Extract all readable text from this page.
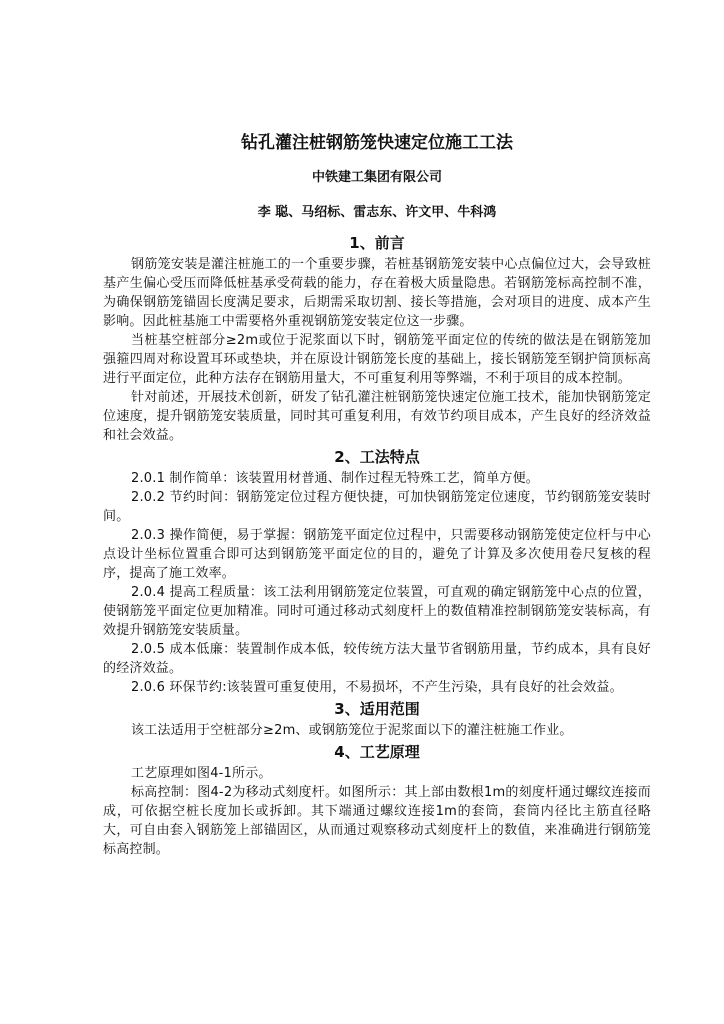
钻孔灌注桩钢筋笼快速定位施工工法
中铁建工集团有限公司
李 聪、马绍标、雷志东、许文甲、牛科鸿
1、前言

钢筋笼安装是灌注桩施工的一个重要步骤，若桩基钢筋笼安装中心点偏位过大，会导致桩基产生偏心受压而降低桩基承受荷载的能力，存在着极大质量隐患。若钢筋笼标高控制不准，为确保钢筋笼锚固长度满足要求，后期需采取切割、接长等措施，会对项目的进度、成本产生影响。因此桩基施工中需要格外重视钢筋笼安装定位这一步骤。

当桩基空桩部分≥2m或位于泥浆面以下时，钢筋笼平面定位的传统的做法是在钢筋笼加强箍四周对称设置耳环或垫块，并在原设计钢筋笼长度的基础上，接长钢筋笼至钢护筒顶标高进行平面定位，此种方法存在钢筋用量大，不可重复利用等弊端，不利于项目的成本控制。

针对前述，开展技术创新，研发了钻孔灌注桩钢筋笼快速定位施工技术，能加快钢筋笼定位速度，提升钢筋笼安装质量，同时其可重复利用，有效节约项目成本，产生良好的经济效益和社会效益。

2、工法特点

2.0.1 制作简单：该装置用材普通、制作过程无特殊工艺，简单方便。

2.0.2 节约时间：钢筋笼定位过程方便快捷，可加快钢筋笼定位速度，节约钢筋笼安装时间。

2.0.3 操作简便，易于掌握：钢筋笼平面定位过程中，只需要移动钢筋笼使定位杆与中心点设计坐标位置重合即可达到钢筋笼平面定位的目的，避免了计算及多次使用卷尺复核的程序，提高了施工效率。

2.0.4 提高工程质量：该工法利用钢筋笼定位装置，可直观的确定钢筋笼中心点的位置，使钢筋笼平面定位更加精准。同时可通过移动式刻度杆上的数值精准控制钢筋笼安装标高，有效提升钢筋笼安装质量。

2.0.5 成本低廉：装置制作成本低，较传统方法大量节省钢筋用量，节约成本，具有良好的经济效益。

2.0.6 环保节约:该装置可重复使用，不易损坏，不产生污染，具有良好的社会效益。

3、适用范围

该工法适用于空桩部分≥2m、或钢筋笼位于泥浆面以下的灌注桩施工作业。

4、工艺原理

工艺原理如图4-1所示。

标高控制：图4-2为移动式刻度杆。如图所示：其上部由数根1m的刻度杆通过螺纹连接而成，可依据空桩长度加长或拆卸。其下端通过螺纹连接1m的套筒，套筒内径比主筋直径略大，可自由套入钢筋笼上部锚固区，从而通过观察移动式刻度杆上的数值，来准确进行钢筋笼标高控制。
